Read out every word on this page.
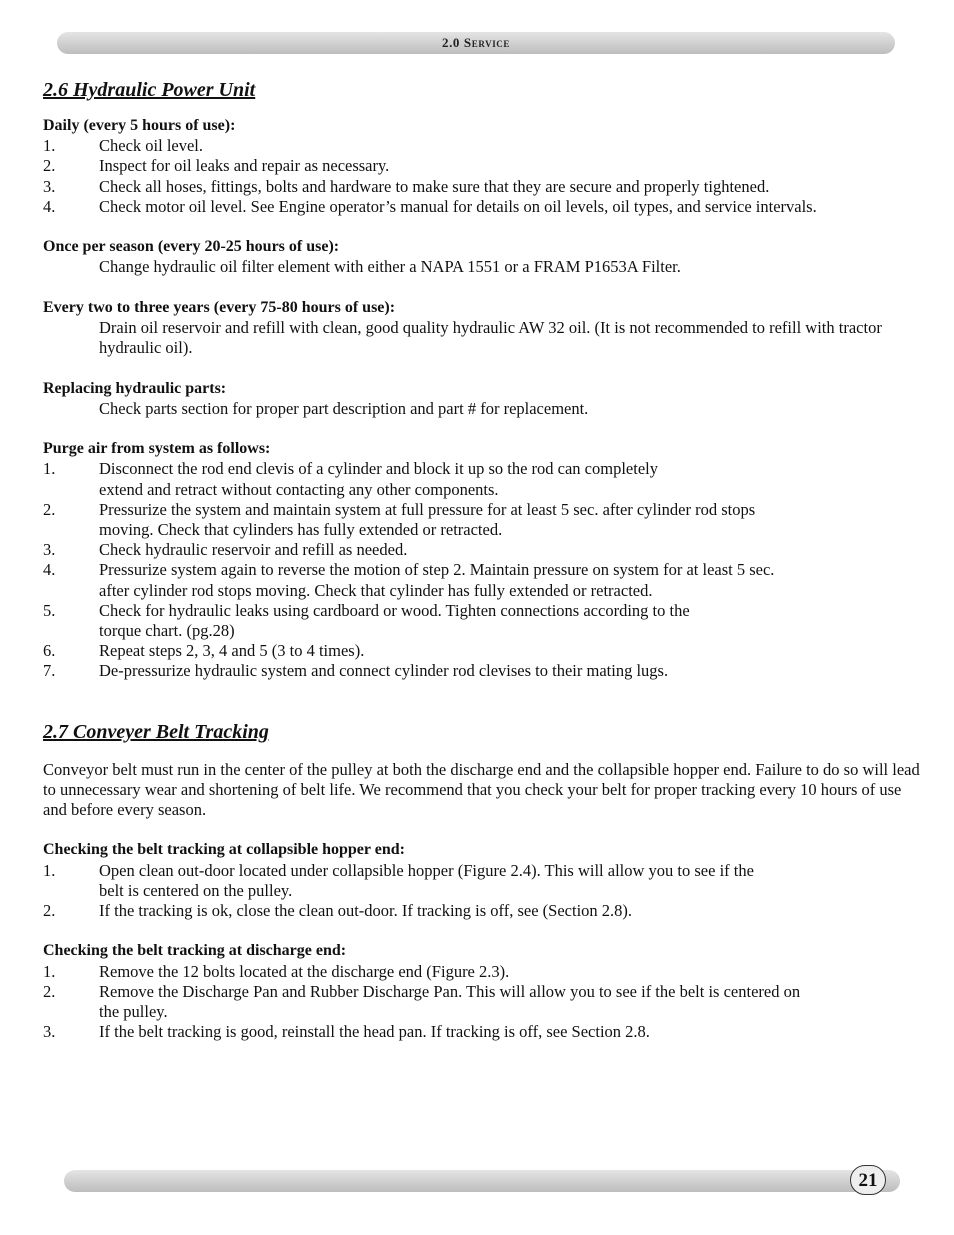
2.0 Service
2.6 Hydraulic Power Unit

Daily (every 5 hours of use):

1.	Check oil level.
2.	Inspect for oil leaks and repair as necessary.
3.	Check all hoses, fittings, bolts and hardware to make sure that they are secure and properly tightened.
4.	Check motor oil level. See Engine operator’s manual for details on oil levels, oil types, and service intervals.

Once per season (every 20-25 hours of use):

Change hydraulic oil filter element with either a NAPA 1551 or a FRAM P1653A Filter.

Every two to three years (every 75-80 hours of use):

Drain oil reservoir and refill with clean, good quality hydraulic AW 32 oil. (It is not recommended to refill with tractor hydraulic oil).

Replacing hydraulic parts:

Check parts section for proper part description and part # for replacement.

Purge air from system as follows:

1.	Disconnect the rod end clevis of a cylinder and block it up so the rod can completely
extend and retract without contacting any other components.
2.	Pressurize the system and maintain system at full pressure for at least 5 sec. after cylinder rod stops
moving. Check that cylinders has fully extended or retracted.
3.	Check hydraulic reservoir and refill as needed.
4.	Pressurize system again to reverse the motion of step 2. Maintain pressure on system for at least 5 sec.
after cylinder rod stops moving. Check that cylinder has fully extended or retracted.
5.	Check for hydraulic leaks using cardboard or wood. Tighten connections according to the
torque chart. (pg.28)
6.	Repeat steps 2, 3, 4 and 5 (3 to 4 times).
7.	De-pressurize hydraulic system and connect cylinder rod clevises to their mating lugs.
2.7 Conveyer Belt Tracking

Conveyor belt must run in the center of the pulley at both the discharge end and the collapsible hopper end. Failure to do so will lead to unnecessary wear and shortening of belt life. We recommend that you check your belt for proper tracking every 10 hours of use and before every season.

Checking the belt tracking at collapsible hopper end:

1.	Open clean out-door located under collapsible hopper (Figure 2.4). This will allow you to see if the
belt is centered on the pulley.
2.	If the tracking is ok, close the clean out-door. If tracking is off, see (Section 2.8).

Checking the belt tracking at discharge end:

1.	Remove the 12 bolts located at the discharge end (Figure 2.3).
2.	Remove the Discharge Pan and Rubber Discharge Pan. This will allow you to see if the belt is centered on
the pulley.
3.	If the belt tracking is good, reinstall the head pan. If tracking is off, see Section 2.8.
21
